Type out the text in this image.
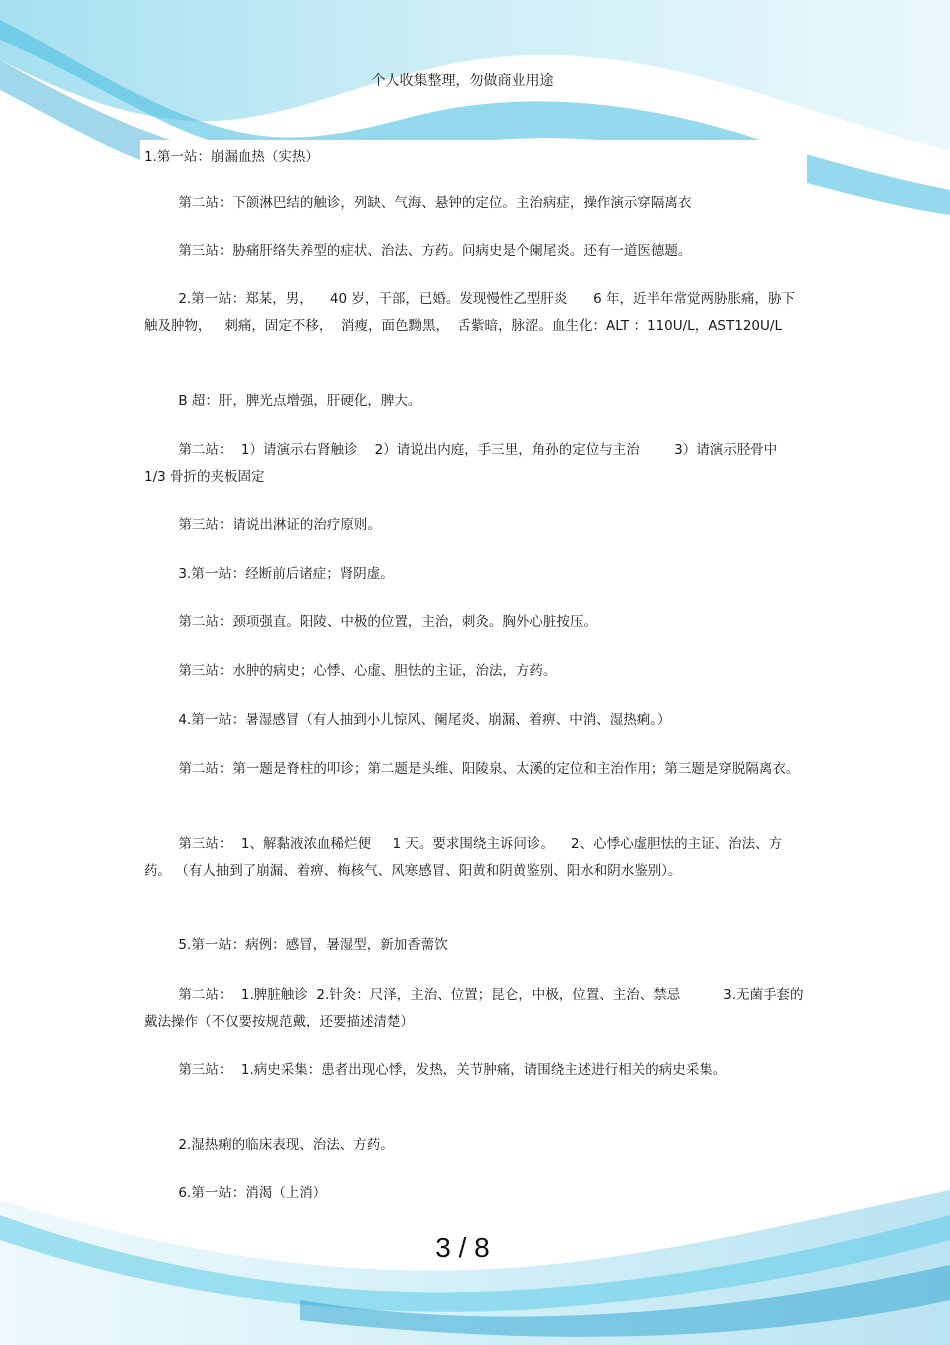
个人收集整理，勿做商业用途
1.第一站：崩漏血热（实热）
第二站：下颌淋巴结的触诊，列缺、气海、悬钟的定位。主治病症，操作演示穿隔离衣
第三站：胁痛肝络失养型的症状、治法、方药。问病史是个阑尾炎。还有一道医德题。
2.第一站：郑某，男，    40 岁，干部，已婚。发现慢性乙型肝炎      6 年，近半年常觉两胁胀痛，胁下触及肿物，   刺痛，固定不移，  消瘦，面色黝黑，  舌紫暗，脉涩。血生化：ALT ：110U/L，AST120U/L
B 超：肝，脾光点增强，肝硬化，脾大。
第二站：  1）请演示右肾触诊    2）请说出内庭，手三里，角孙的定位与主治        3）请演示胫骨中  1/3 骨折的夹板固定
第三站：请说出淋证的治疗原则。
3.第一站：经断前后诸症；肾阴虚。
第二站：颈项强直。阳陵、中极的位置，主治，刺灸。胸外心脏按压。
第三站：水肿的病史；心悸、心虚、胆怯的主证，治法，方药。
4.第一站：暑湿感冒（有人抽到小儿惊风、阑尾炎、崩漏、着痹、中消、湿热痢。）
第二站：第一题是脊柱的叩诊；第二题是头维、阳陵泉、太溪的定位和主治作用；第三题是穿脱隔离衣。
第三站：  1、解黏液浓血稀烂便     1 天。要求围绕主诉问诊。    2、心悸心虚胆怯的主证、治法、方药。 （有人抽到了崩漏、着痹、梅核气、风寒感冒、阳黄和阴黄鉴别、阳水和阴水鉴别）。
5.第一站：病例：感冒，暑湿型，新加香薷饮
第二站：  1.脾脏触诊  2.针灸：尺泽，主治、位置；昆仑，中极，位置、主治、禁忌          3.无菌手套的戴法操作（不仅要按规范戴，还要描述清楚）
第三站：  1.病史采集：患者出现心悸，发热，关节肿痛，请围绕主述进行相关的病史采集。
2.湿热痢的临床表现、治法、方药。
6.第一站：消渴（上消）
3 / 8
